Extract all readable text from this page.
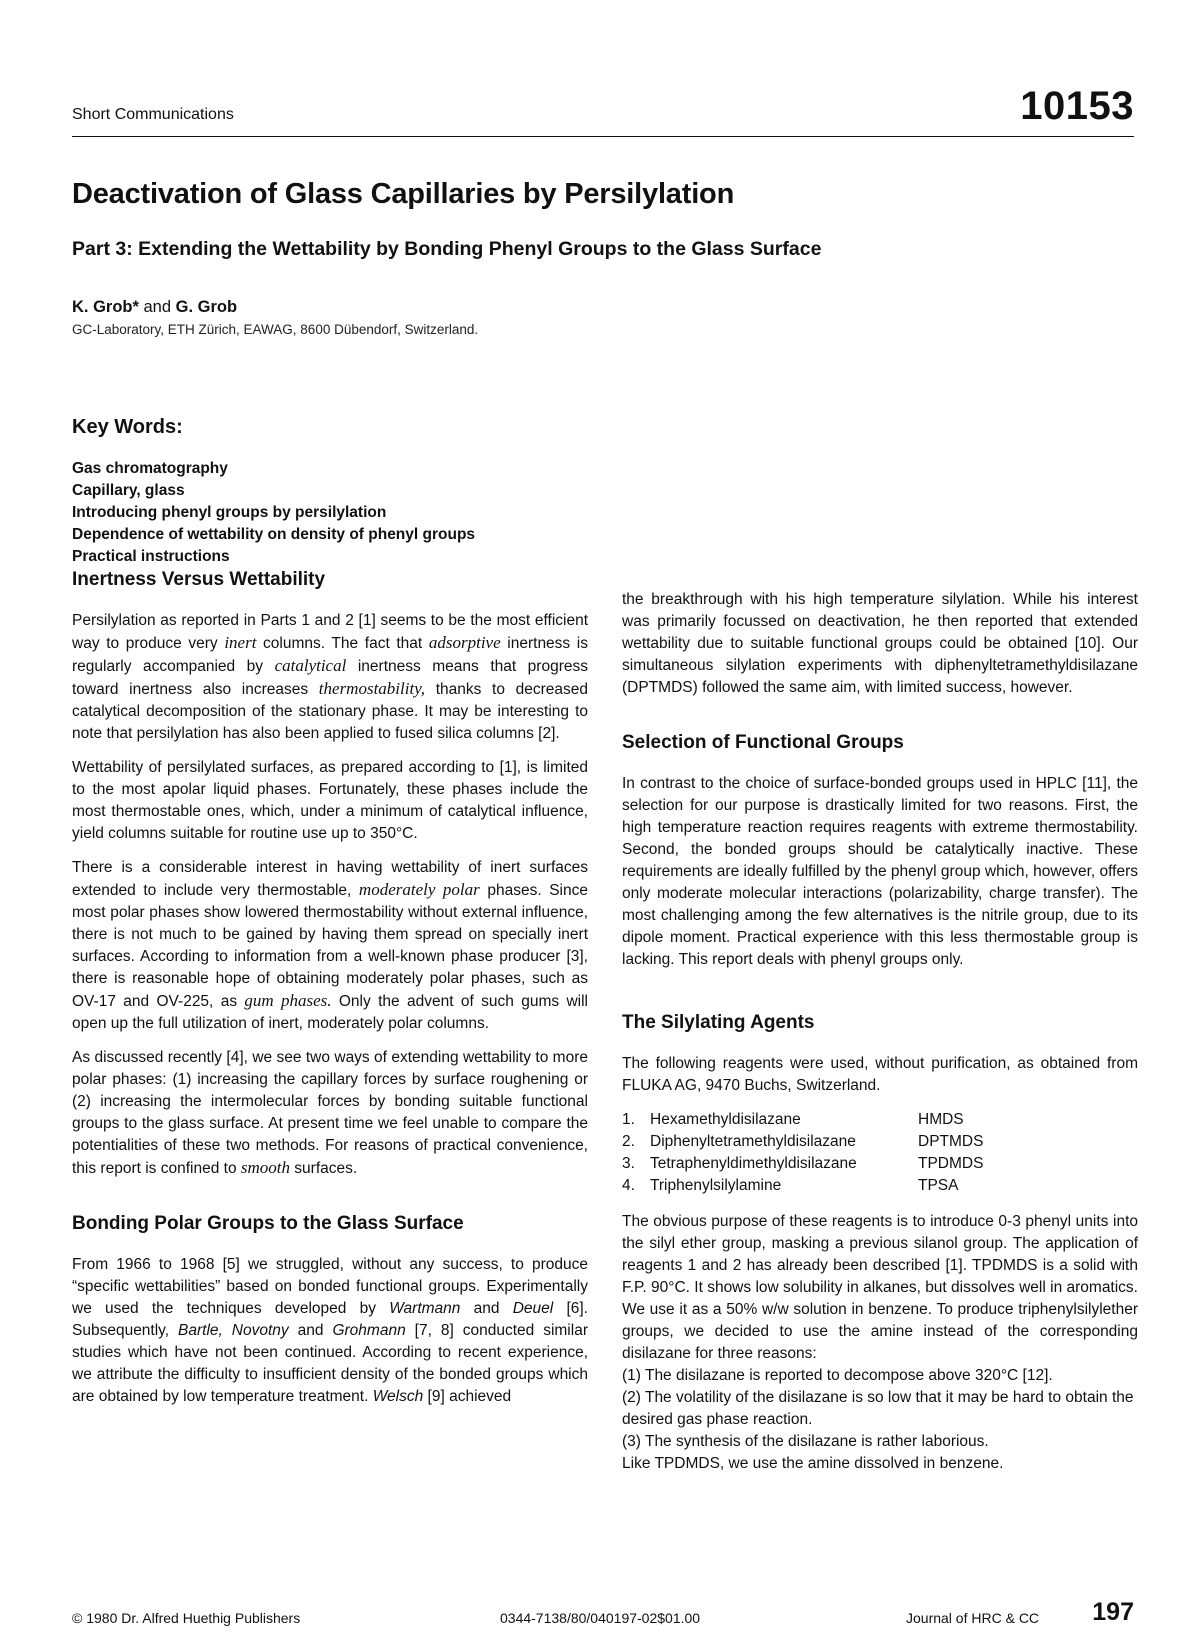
Short Communications	10153
Deactivation of Glass Capillaries by Persilylation
Part 3: Extending the Wettability by Bonding Phenyl Groups to the Glass Surface
K. Grob* and G. Grob
GC-Laboratory, ETH Zürich, EAWAG, 8600 Dübendorf, Switzerland.
Key Words:
Gas chromatography
Capillary, glass
Introducing phenyl groups by persilylation
Dependence of wettability on density of phenyl groups
Practical instructions
Inertness Versus Wettability

Persilylation as reported in Parts 1 and 2 [1] seems to be the most efficient way to produce very inert columns. The fact that adsorptive inertness is regularly accompanied by catalytical inertness means that progress toward inertness also increases thermostability, thanks to decreased catalytical decomposition of the stationary phase. It may be interesting to note that persilylation has also been applied to fused silica columns [2].

Wettability of persilylated surfaces, as prepared according to [1], is limited to the most apolar liquid phases. Fortunately, these phases include the most thermostable ones, which, under a minimum of catalytical influence, yield columns suitable for routine use up to 350°C.

There is a considerable interest in having wettability of inert surfaces extended to include very thermostable, moderately polar phases. Since most polar phases show lowered thermostability without external influence, there is not much to be gained by having them spread on specially inert surfaces. According to information from a well-known phase producer [3], there is reasonable hope of obtaining moderately polar phases, such as OV-17 and OV-225, as gum phases. Only the advent of such gums will open up the full utilization of inert, moderately polar columns.

As discussed recently [4], we see two ways of extending wettability to more polar phases: (1) increasing the capillary forces by surface roughening or (2) increasing the intermolecular forces by bonding suitable functional groups to the glass surface. At present time we feel unable to compare the potentialities of these two methods. For reasons of practical convenience, this report is confined to smooth surfaces.

Bonding Polar Groups to the Glass Surface

From 1966 to 1968 [5] we struggled, without any success, to produce “specific wettabilities” based on bonded functional groups. Experimentally we used the techniques developed by Wartmann and Deuel [6]. Subsequently, Bartle, Novotny and Grohmann [7, 8] conducted similar studies which have not been continued. According to recent experience, we attribute the difficulty to insufficient density of the bonded groups which are obtained by low temperature treatment. Welsch [9] achieved

the breakthrough with his high temperature silylation. While his interest was primarily focussed on deactivation, he then reported that extended wettability due to suitable functional groups could be obtained [10]. Our simultaneous silylation experiments with diphenyltetramethyldisilazane (DPTMDS) followed the same aim, with limited success, however.

Selection of Functional Groups

In contrast to the choice of surface-bonded groups used in HPLC [11], the selection for our purpose is drastically limited for two reasons. First, the high temperature reaction requires reagents with extreme thermostability. Second, the bonded groups should be catalytically inactive. These requirements are ideally fulfilled by the phenyl group which, however, offers only moderate molecular interactions (polarizability, charge transfer). The most challenging among the few alternatives is the nitrile group, due to its dipole moment. Practical experience with this less thermostable group is lacking. This report deals with phenyl groups only.

The Silylating Agents

The following reagents were used, without purification, as obtained from FLUKA AG, 9470 Buchs, Switzerland.

1.	Hexamethyldisilazane	HMDS
2.	Diphenyltetramethyldisilazane	DPTMDS
3.	Tetraphenyldimethyldisilazane	TPDMDS
4.	Triphenylsilylamine	TPSA

The obvious purpose of these reagents is to introduce 0-3 phenyl units into the silyl ether group, masking a previous silanol group. The application of reagents 1 and 2 has already been described [1]. TPDMDS is a solid with F.P. 90°C. It shows low solubility in alkanes, but dissolves well in aromatics. We use it as a 50% w/w solution in benzene. To produce triphenylsilylether groups, we decided to use the amine instead of the corresponding disilazane for three reasons:

(1) The disilazane is reported to decompose above 320°C [12].
(2) The volatility of the disilazane is so low that it may be hard to obtain the desired gas phase reaction.
(3) The synthesis of the disilazane is rather laborious.
Like TPDMDS, we use the amine dissolved in benzene.
© 1980 Dr. Alfred Huethig Publishers	0344-7138/80/040197-02$01.00	Journal of HRC & CC 197
